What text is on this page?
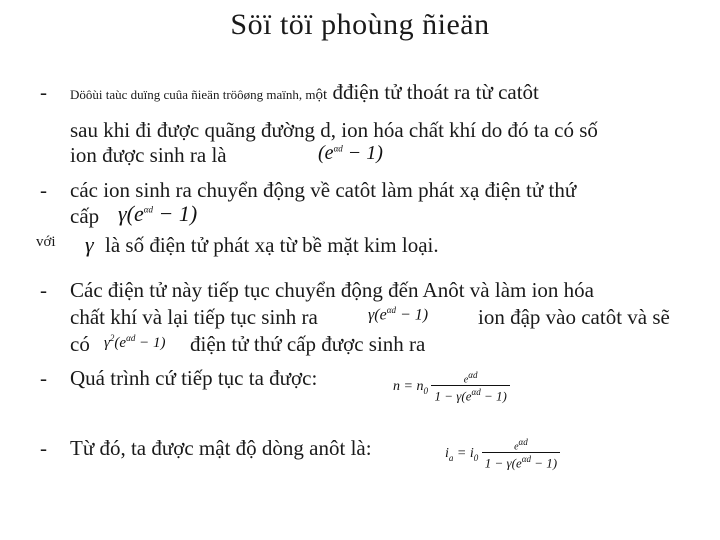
Söï töï phoùng ñieän
- Döôùi taùc duïng cuûa ñieän tröôøng maïnh, một đđiện tử thoát ra từ catôt
sau khi đi được quãng đường d, ion hóa chất khí do đó ta có số
ion được sinh ra là	$(e^{\alpha d} - 1)$
- các ion sinh ra chuyển động về catôt làm phát xạ điện tử thứ
cấp $\gamma(e^{\alpha d} - 1)$
với γ là số điện tử phát xạ từ bề mặt kim loại.
- Các điện tử này tiếp tục chuyển động đến Anôt và làm ion hóa
chất khí và lại tiếp tục sinh ra	$\gamma(e^{\alpha d} - 1)$ ion đập vào catôt và sẽ
có $\gamma^2(e^{\alpha d} - 1)$ điện tử thứ cấp được sinh ra
- Quá trình cứ tiếp tục ta được:	$n = n_0 \frac{e^{\alpha d}}{1 - \gamma(e^{\alpha d} - 1)}$
- Từ đó, ta được mật độ dòng anôt là:	$i_a = i_0 \frac{e^{\alpha d}}{1 - \gamma(e^{\alpha d} - 1)}$
